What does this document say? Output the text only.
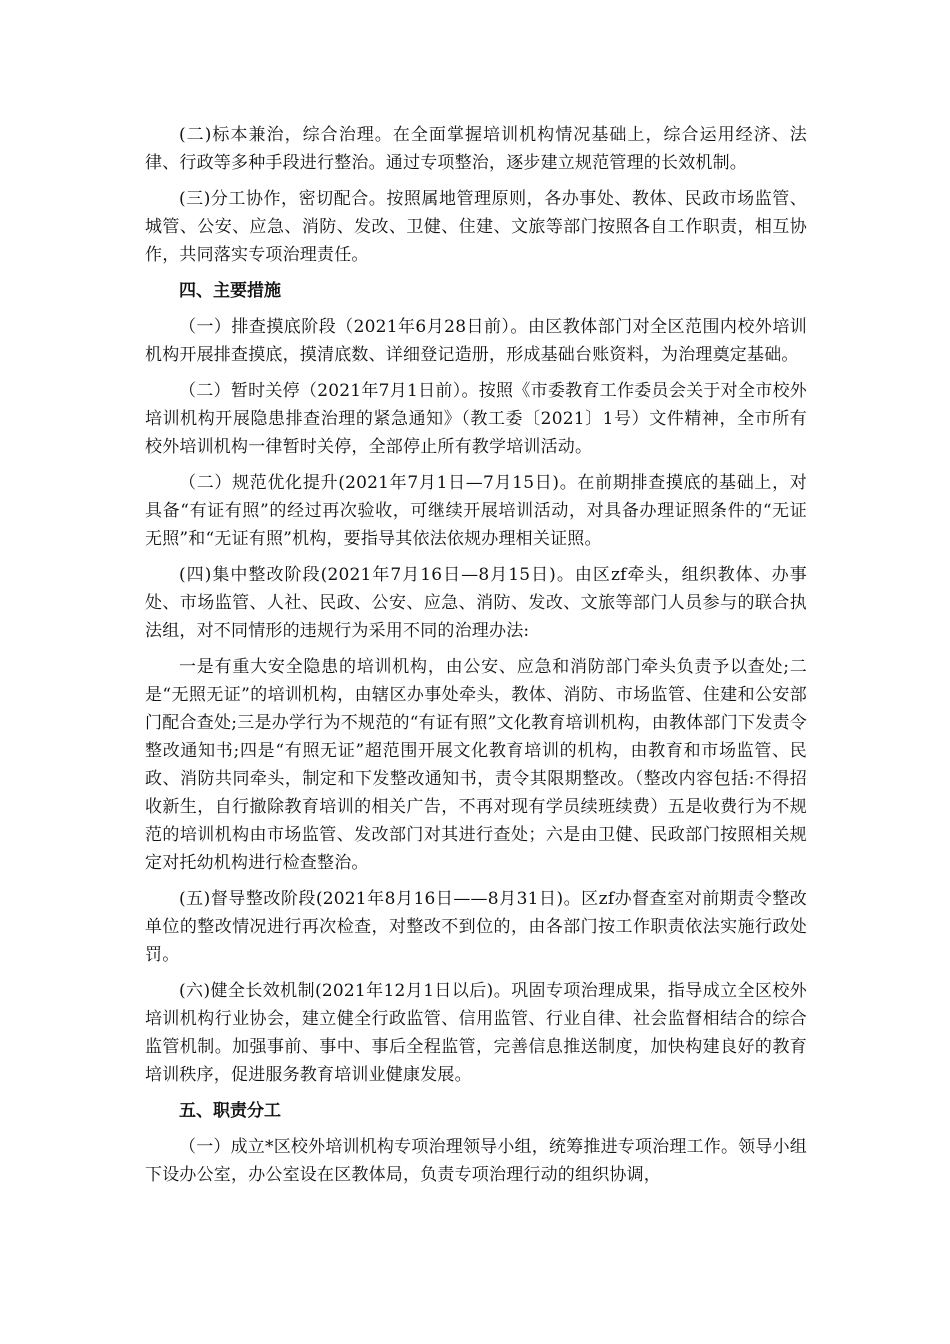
(二)标本兼治，综合治理。在全面掌握培训机构情况基础上，综合运用经济、法律、行政等多种手段进行整治。通过专项整治，逐步建立规范管理的长效机制。

(三)分工协作，密切配合。按照属地管理原则，各办事处、教体、民政市场监管、城管、公安、应急、消防、发改、卫健、住建、文旅等部门按照各自工作职责，相互协作，共同落实专项治理责任。

四、主要措施

（一）排查摸底阶段（2021年6月28日前）。由区教体部门对全区范围内校外培训机构开展排查摸底，摸清底数、详细登记造册，形成基础台账资料，为治理奠定基础。

（二）暂时关停（2021年7月1日前）。按照《市委教育工作委员会关于对全市校外培训机构开展隐患排查治理的紧急通知》（教工委〔2021〕1号）文件精神，全市所有校外培训机构一律暂时关停，全部停止所有教学培训活动。

（二）规范优化提升(2021年7月1日—7月15日)。在前期排查摸底的基础上，对具备“有证有照”的经过再次验收，可继续开展培训活动，对具备办理证照条件的“无证无照”和“无证有照”机构，要指导其依法依规办理相关证照。

(四)集中整改阶段(2021年7月16日—8月15日)。由区zf牵头，组织教体、办事处、市场监管、人社、民政、公安、应急、消防、发改、文旅等部门人员参与的联合执法组，对不同情形的违规行为采用不同的治理办法:

一是有重大安全隐患的培训机构，由公安、应急和消防部门牵头负责予以查处;二是“无照无证”的培训机构，由辖区办事处牵头，教体、消防、市场监管、住建和公安部门配合查处;三是办学行为不规范的“有证有照”文化教育培训机构，由教体部门下发责令整改通知书;四是“有照无证”超范围开展文化教育培训的机构，由教育和市场监管、民政、消防共同牵头，制定和下发整改通知书，责令其限期整改。（整改内容包括:不得招收新生，自行撤除教育培训的相关广告，不再对现有学员续班续费）五是收费行为不规范的培训机构由市场监管、发改部门对其进行查处；六是由卫健、民政部门按照相关规定对托幼机构进行检查整治。

(五)督导整改阶段(2021年8月16日——8月31日)。区zf办督查室对前期责令整改单位的整改情况进行再次检查，对整改不到位的，由各部门按工作职责依法实施行政处罚。

(六)健全长效机制(2021年12月1日以后)。巩固专项治理成果，指导成立全区校外培训机构行业协会，建立健全行政监管、信用监管、行业自律、社会监督相结合的综合监管机制。加强事前、事中、事后全程监管，完善信息推送制度，加快构建良好的教育培训秩序，促进服务教育培训业健康发展。

五、职责分工

（一）成立*区校外培训机构专项治理领导小组，统筹推进专项治理工作。领导小组下设办公室，办公室设在区教体局，负责专项治理行动的组织协调，
